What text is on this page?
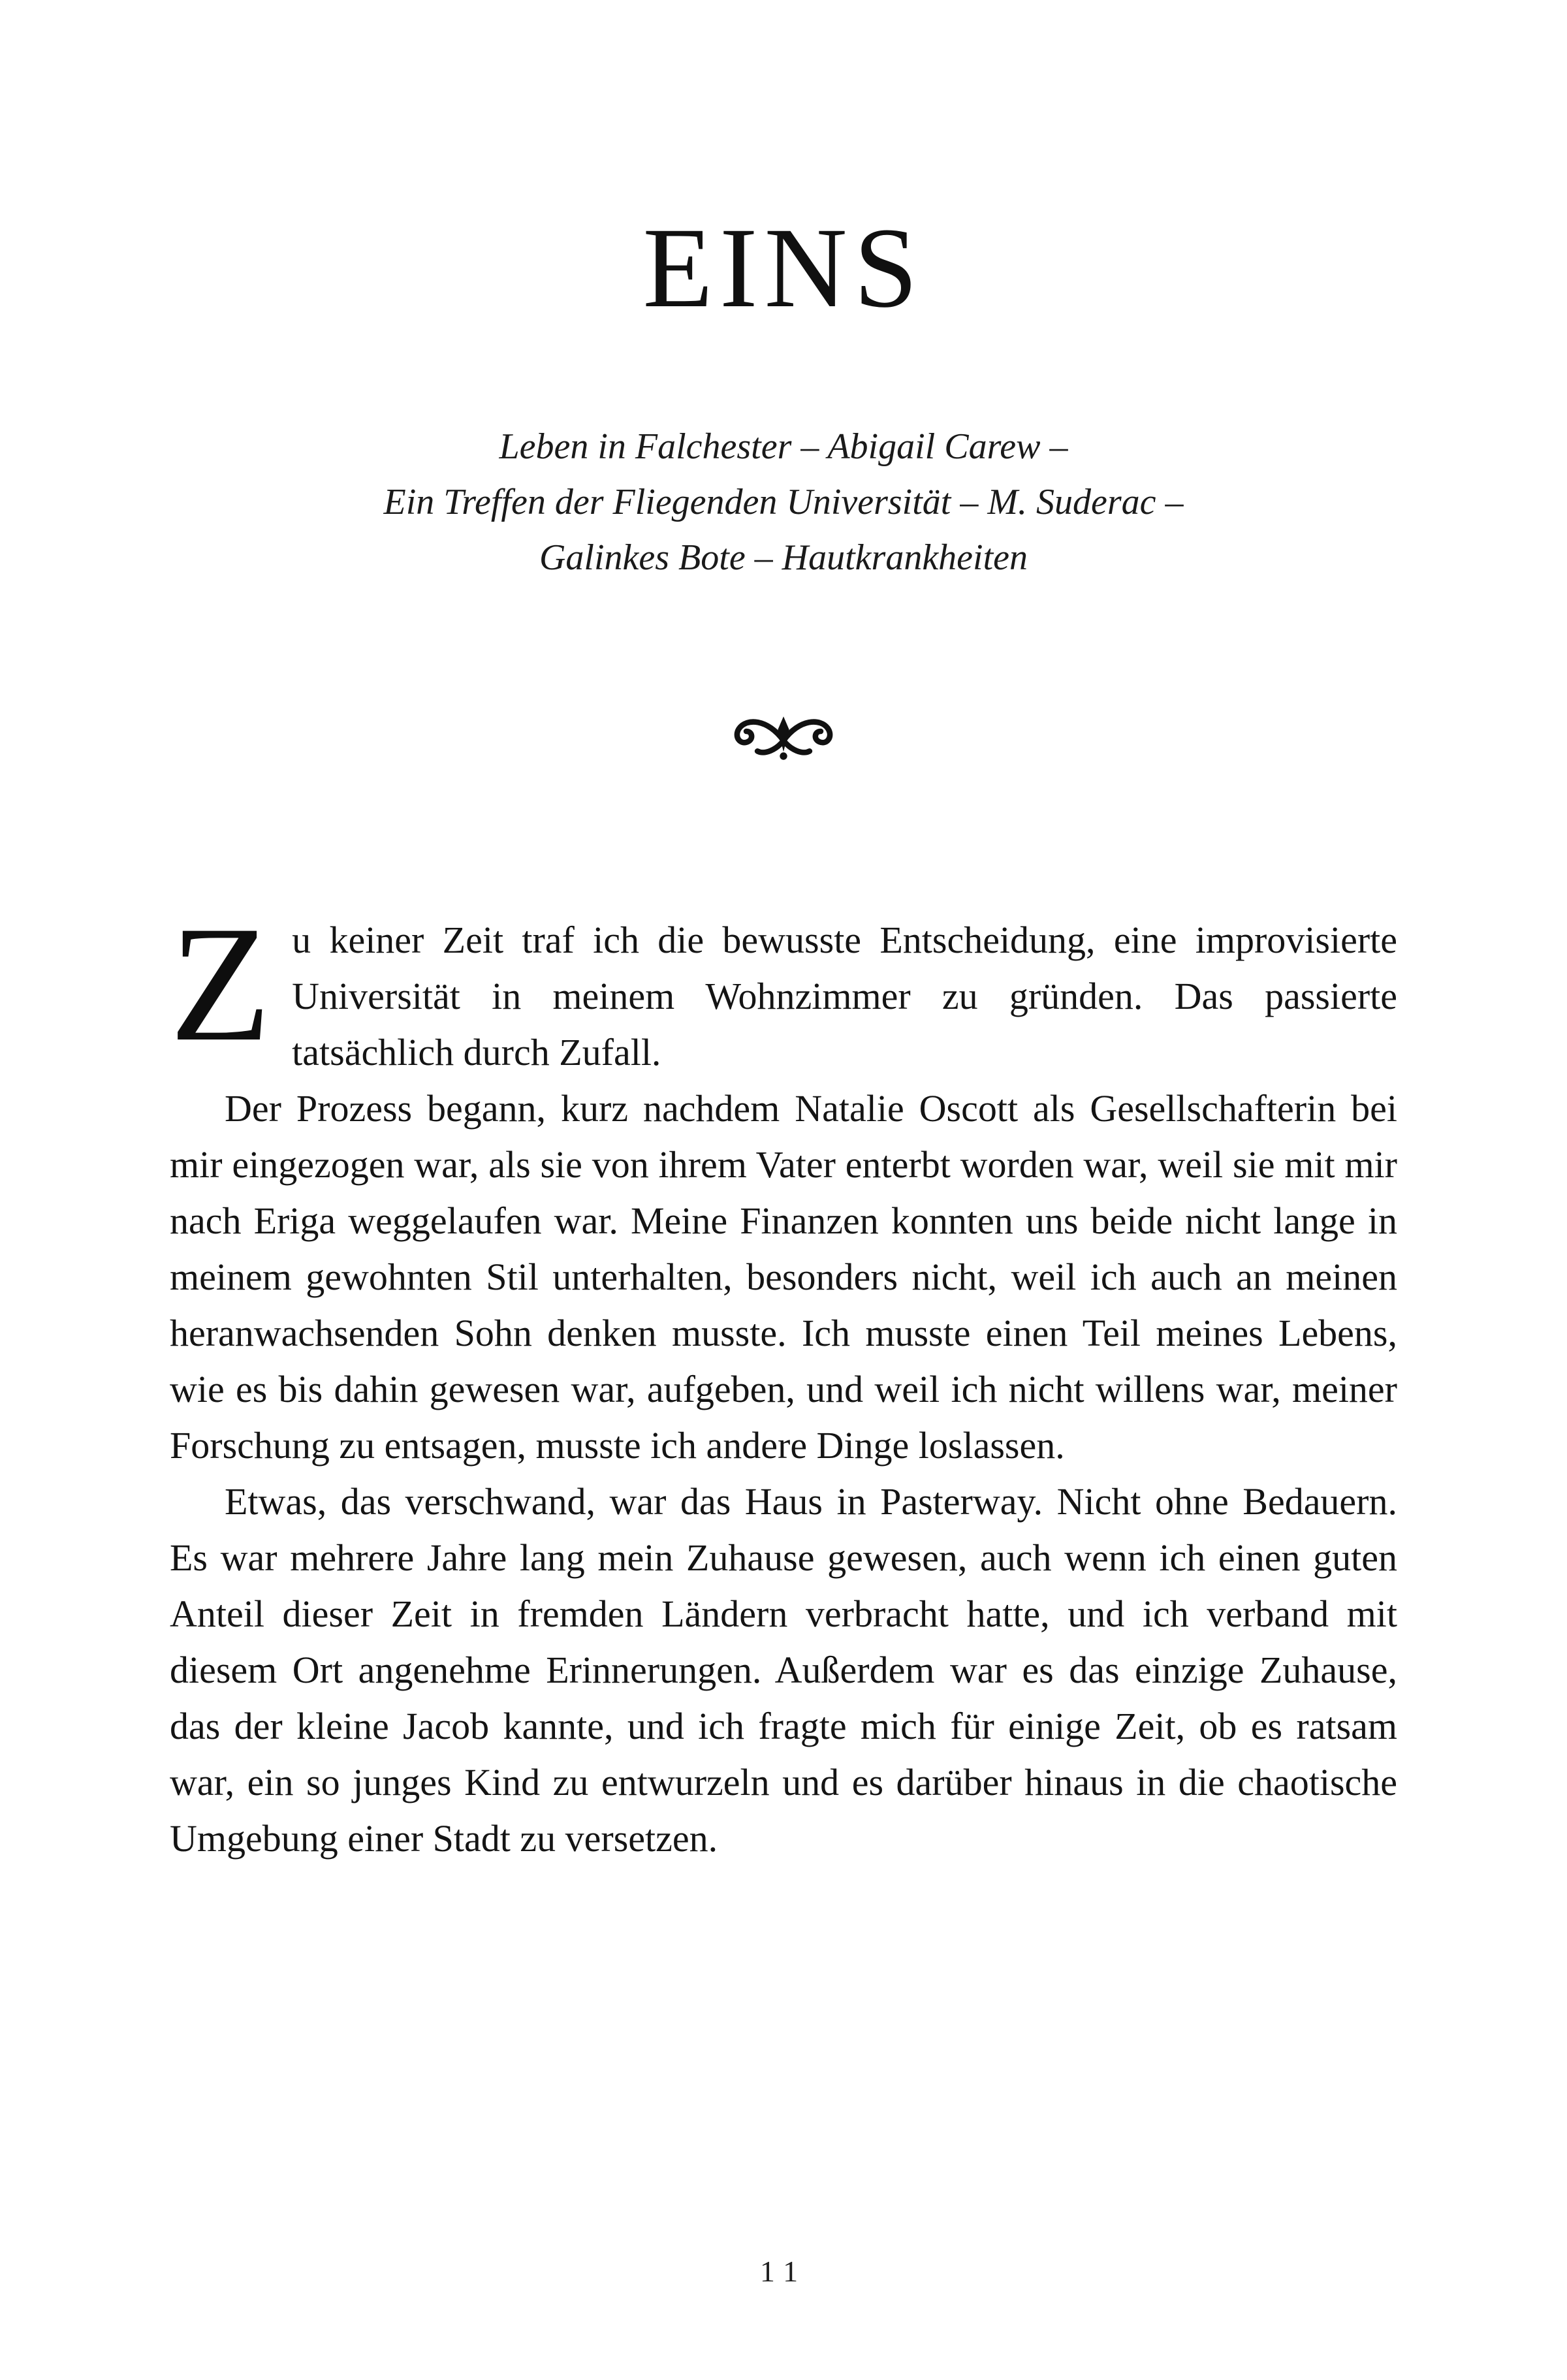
EINS
Leben in Falchester – Abigail Carew –
Ein Treffen der Fliegenden Universität – M. Suderac –
Galinkes Bote – Hautkrankheiten

Zu keiner Zeit traf ich die bewusste Entscheidung, eine improvisierte Universität in meinem Wohnzimmer zu gründen. Das passierte tatsächlich durch Zufall.

Der Prozess begann, kurz nachdem Natalie Oscott als Gesellschafterin bei mir eingezogen war, als sie von ihrem Vater enterbt worden war, weil sie mit mir nach Eriga weggelaufen war. Meine Finanzen konnten uns beide nicht lange in meinem gewohnten Stil unterhalten, besonders nicht, weil ich auch an meinen heranwachsenden Sohn denken musste. Ich musste einen Teil meines Lebens, wie es bis dahin gewesen war, aufgeben, und weil ich nicht willens war, meiner Forschung zu entsagen, musste ich andere Dinge loslassen.

Etwas, das verschwand, war das Haus in Pasterway. Nicht ohne Bedauern. Es war mehrere Jahre lang mein Zuhause gewesen, auch wenn ich einen guten Anteil dieser Zeit in fremden Ländern verbracht hatte, und ich verband mit diesem Ort angenehme Erinnerungen. Außerdem war es das einzige Zuhause, das der kleine Jacob kannte, und ich fragte mich für einige Zeit, ob es ratsam war, ein so junges Kind zu entwurzeln und es darüber hinaus in die chaotische Umgebung einer Stadt zu versetzen.

11
